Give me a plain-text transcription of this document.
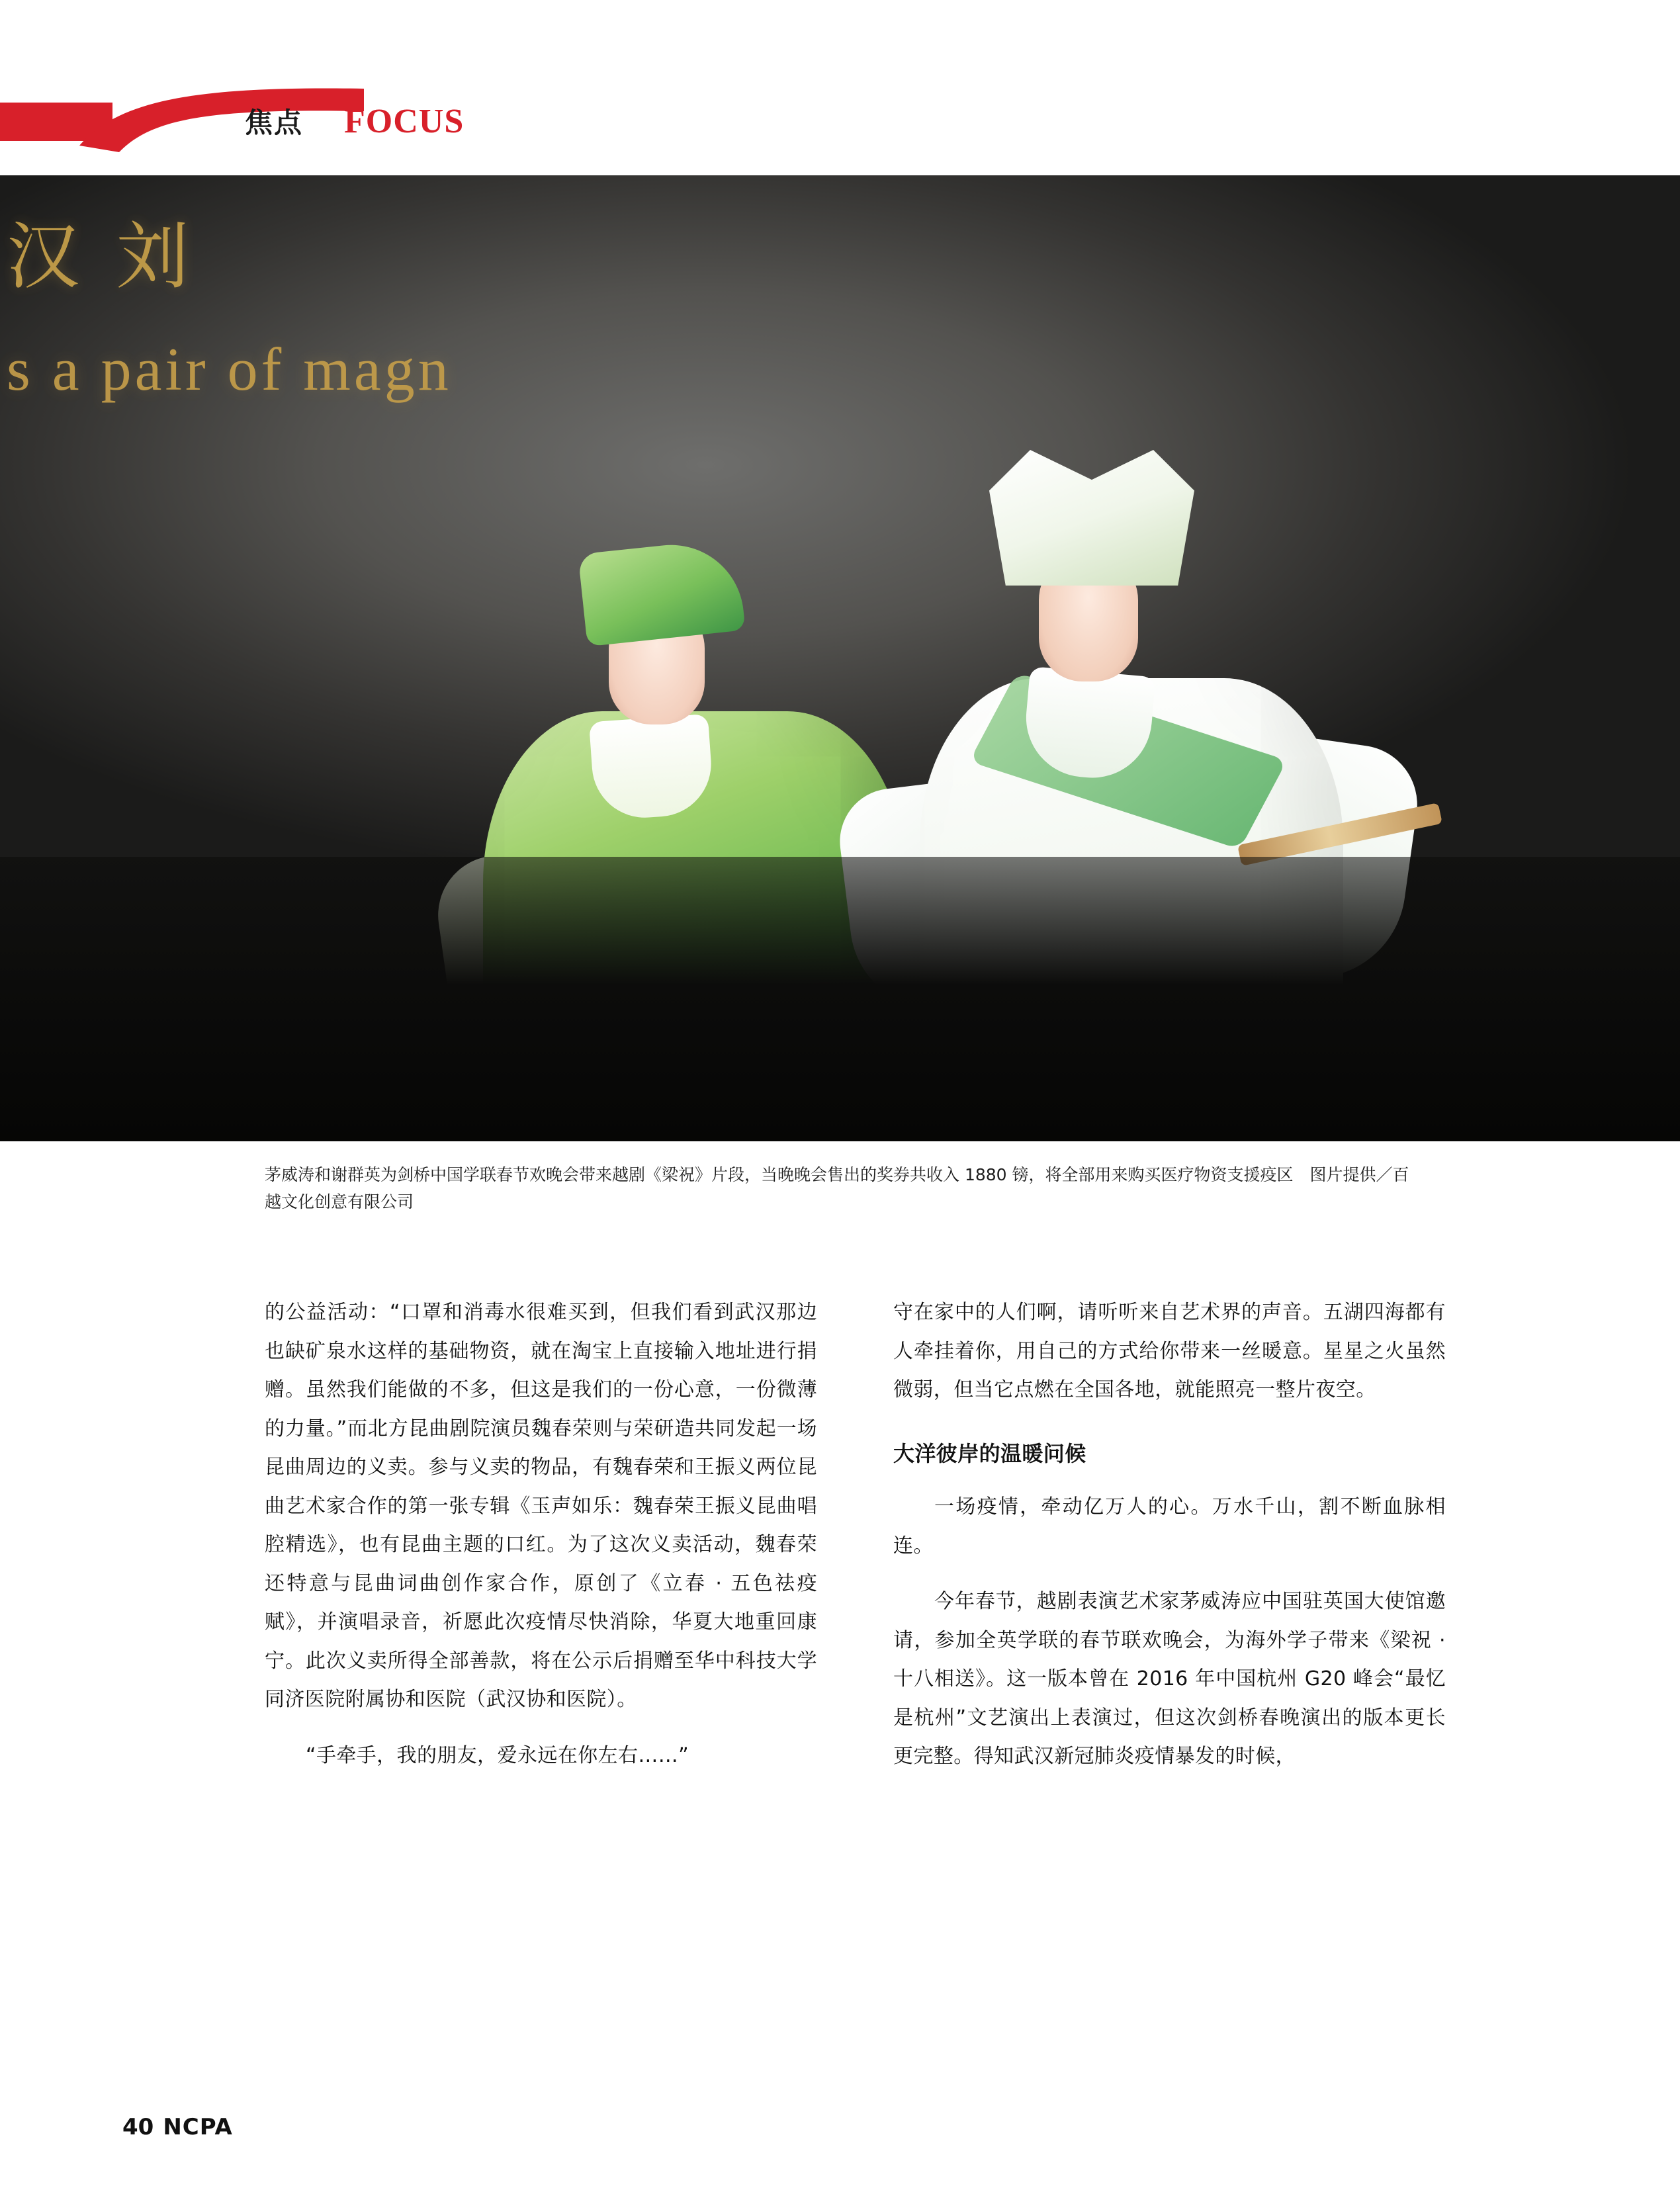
焦点 FOCUS
汉 刘
s a pair of magn
茅威涛和谢群英为剑桥中国学联春节欢晚会带来越剧《梁祝》片段，当晚晚会售出的奖券共收入 1880 镑，将全部用来购买医疗物资支援疫区　图片提供／百越文化创意有限公司

的公益活动：“口罩和消毒水很难买到，但我们看到武汉那边也缺矿泉水这样的基础物资，就在淘宝上直接输入地址进行捐赠。虽然我们能做的不多，但这是我们的一份心意，一份微薄的力量。”而北方昆曲剧院演员魏春荣则与荣研造共同发起一场昆曲周边的义卖。参与义卖的物品，有魏春荣和王振义两位昆曲艺术家合作的第一张专辑《玉声如乐：魏春荣王振义昆曲唱腔精选》，也有昆曲主题的口红。为了这次义卖活动，魏春荣还特意与昆曲词曲创作家合作，原创了《立春 · 五色祛疫赋》，并演唱录音，祈愿此次疫情尽快消除，华夏大地重回康宁。此次义卖所得全部善款，将在公示后捐赠至华中科技大学同济医院附属协和医院（武汉协和医院）。

“手牵手，我的朋友，爱永远在你左右……”

守在家中的人们啊，请听听来自艺术界的声音。五湖四海都有人牵挂着你，用自己的方式给你带来一丝暖意。星星之火虽然微弱，但当它点燃在全国各地，就能照亮一整片夜空。

大洋彼岸的温暖问候

一场疫情，牵动亿万人的心。万水千山，割不断血脉相连。

今年春节，越剧表演艺术家茅威涛应中国驻英国大使馆邀请，参加全英学联的春节联欢晚会，为海外学子带来《梁祝 · 十八相送》。这一版本曾在 2016 年中国杭州 G20 峰会“最忆是杭州”文艺演出上表演过，但这次剑桥春晚演出的版本更长更完整。得知武汉新冠肺炎疫情暴发的时候，

40 NCPA
